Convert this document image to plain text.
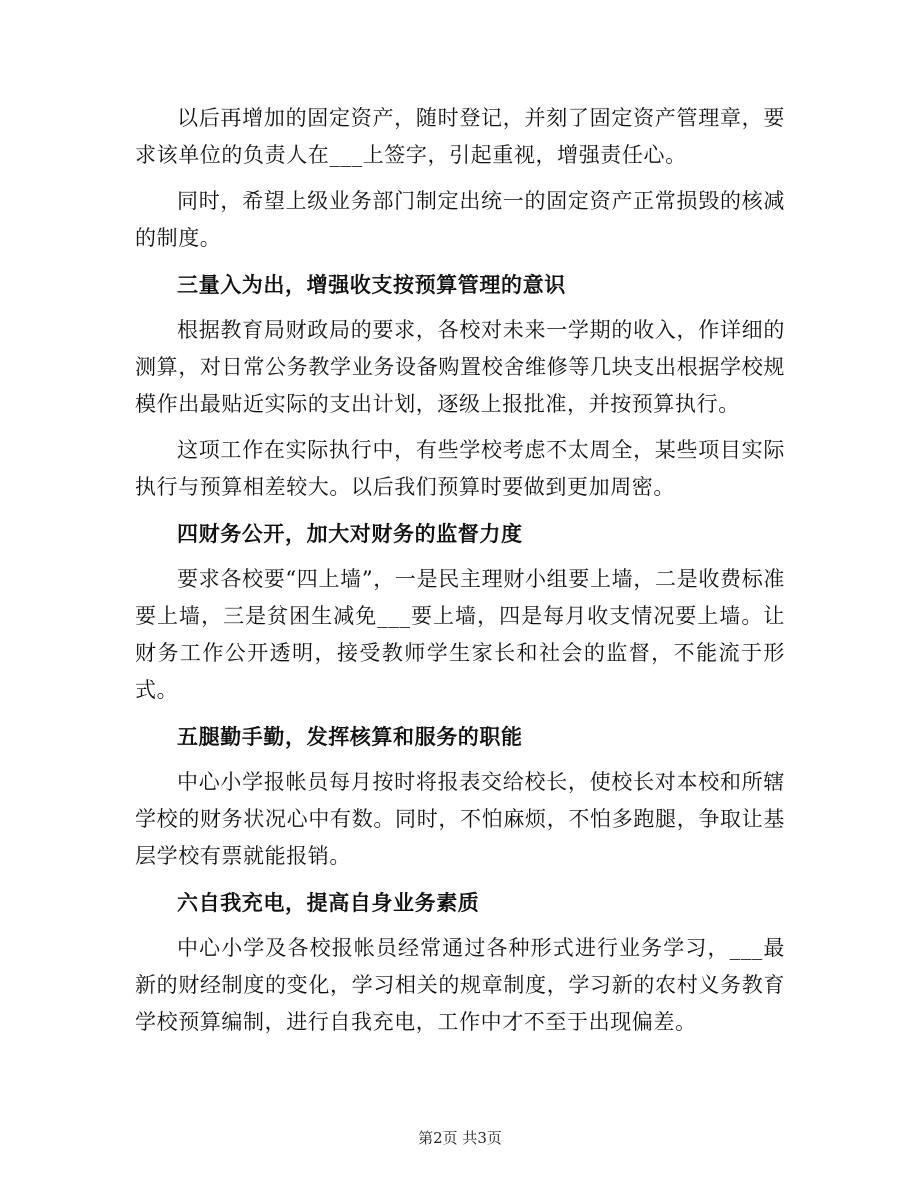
以后再增加的固定资产，随时登记，并刻了固定资产管理章，要求该单位的负责人在___上签字，引起重视，增强责任心。

同时，希望上级业务部门制定出统一的固定资产正常损毁的核减的制度。

三量入为出，增强收支按预算管理的意识

根据教育局财政局的要求，各校对未来一学期的收入，作详细的测算，对日常公务教学业务设备购置校舍维修等几块支出根据学校规模作出最贴近实际的支出计划，逐级上报批准，并按预算执行。

这项工作在实际执行中，有些学校考虑不太周全，某些项目实际执行与预算相差较大。以后我们预算时要做到更加周密。

四财务公开，加大对财务的监督力度

要求各校要“四上墙”，一是民主理财小组要上墙，二是收费标准要上墙，三是贫困生减免___要上墙，四是每月收支情况要上墙。让财务工作公开透明，接受教师学生家长和社会的监督，不能流于形式。

五腿勤手勤，发挥核算和服务的职能

中心小学报帐员每月按时将报表交给校长，使校长对本校和所辖学校的财务状况心中有数。同时，不怕麻烦，不怕多跑腿，争取让基层学校有票就能报销。

六自我充电，提高自身业务素质

中心小学及各校报帐员经常通过各种形式进行业务学习，___最新的财经制度的变化，学习相关的规章制度，学习新的农村义务教育学校预算编制，进行自我充电，工作中才不至于出现偏差。

第2页 共3页
